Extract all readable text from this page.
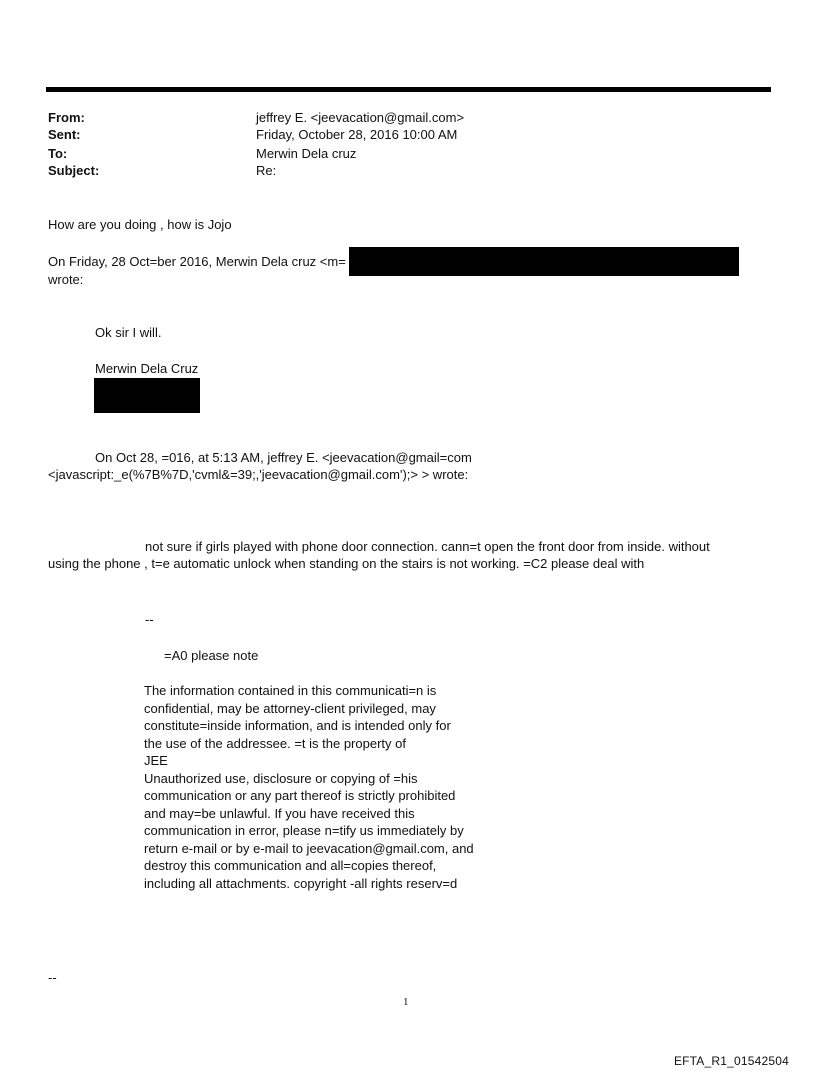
From:	jeffrey E. <jeevacation@gmail.com>
Sent:	Friday, October 28, 2016 10:00 AM
To:	Merwin Dela cruz
Subject:	Re:
How are you doing , how is Jojo
On Friday, 28 Oct=ber 2016, Merwin Dela cruz <m=
wrote:
Ok sir I will.
Merwin Dela Cruz
On Oct 28, =016, at 5:13 AM, jeffrey E. <jeevacation@gmail=com
<javascript:_e(%7B%7D,'cvml&=39;,'jeevacation@gmail.com');> > wrote:
not sure if girls played with phone door connection. cann=t open the front door from inside. without
using the phone , t=e automatic unlock when standing on the stairs is not working. =C2 please deal with
--
=A0 please note
The information contained in this communicati=n is
confidential, may be attorney-client privileged, may
constitute=inside information, and is intended only for
the use of the addressee. =t is the property of
JEE
Unauthorized use, disclosure or copying of =his
communication or any part thereof is strictly prohibited
and may=be unlawful. If you have received this
communication in error, please n=tify us immediately by
return e-mail or by e-mail to jeevacation@gmail.com, and
destroy this communication and all=copies thereof,
including all attachments. copyright -all rights reserv=d
--
1
EFTA_R1_01542504
